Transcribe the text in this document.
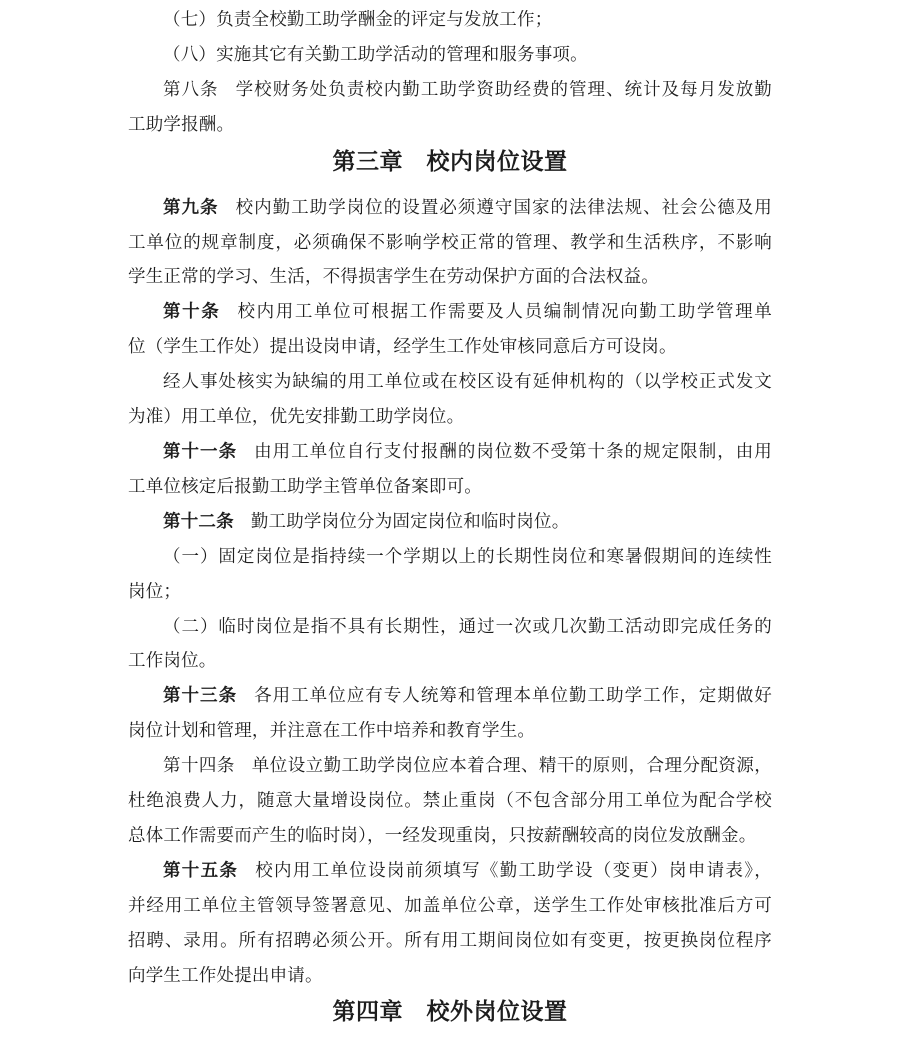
（七）负责全校勤工助学酬金的评定与发放工作；
（八）实施其它有关勤工助学活动的管理和服务事项。
第八条 学校财务处负责校内勤工助学资助经费的管理、统计及每月发放勤
工助学报酬。
第三章　校内岗位设置
第九条 校内勤工助学岗位的设置必须遵守国家的法律法规、社会公德及用
工单位的规章制度，必须确保不影响学校正常的管理、教学和生活秩序，不影响
学生正常的学习、生活，不得损害学生在劳动保护方面的合法权益。
第十条 校内用工单位可根据工作需要及人员编制情况向勤工助学管理单
位（学生工作处）提出设岗申请，经学生工作处审核同意后方可设岗。
经人事处核实为缺编的用工单位或在校区设有延伸机构的（以学校正式发文
为准）用工单位，优先安排勤工助学岗位。
第十一条 由用工单位自行支付报酬的岗位数不受第十条的规定限制，由用
工单位核定后报勤工助学主管单位备案即可。
第十二条 勤工助学岗位分为固定岗位和临时岗位。
（一）固定岗位是指持续一个学期以上的长期性岗位和寒暑假期间的连续性
岗位；
（二）临时岗位是指不具有长期性，通过一次或几次勤工活动即完成任务的
工作岗位。
第十三条 各用工单位应有专人统筹和管理本单位勤工助学工作，定期做好
岗位计划和管理，并注意在工作中培养和教育学生。
第十四条 单位设立勤工助学岗位应本着合理、精干的原则，合理分配资源，
杜绝浪费人力，随意大量增设岗位。禁止重岗（不包含部分用工单位为配合学校
总体工作需要而产生的临时岗），一经发现重岗，只按薪酬较高的岗位发放酬金。
第十五条 校内用工单位设岗前须填写《勤工助学设（变更）岗申请表》，
并经用工单位主管领导签署意见、加盖单位公章，送学生工作处审核批准后方可
招聘、录用。所有招聘必须公开。所有用工期间岗位如有变更，按更换岗位程序
向学生工作处提出申请。
第四章　校外岗位设置
